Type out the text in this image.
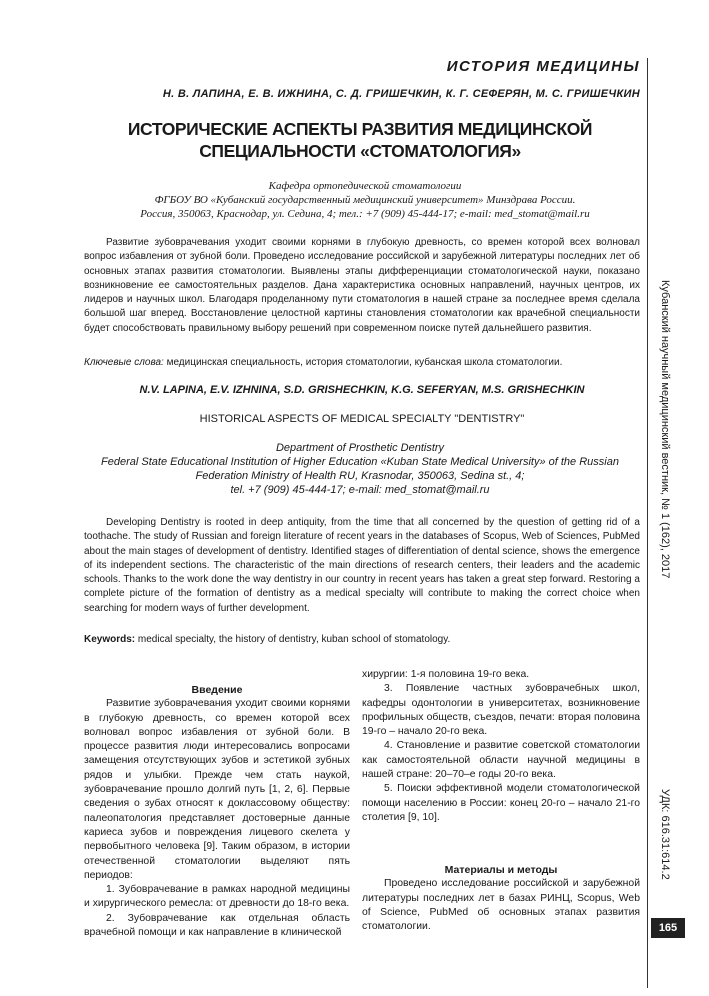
ИСТОРИЯ МЕДИЦИНЫ
Н. В. ЛАПИНА, Е. В. ИЖНИНА, С. Д. ГРИШЕЧКИН, К. Г. СЕФЕРЯН, М. С. ГРИШЕЧКИН
ИСТОРИЧЕСКИЕ АСПЕКТЫ РАЗВИТИЯ МЕДИЦИНСКОЙ
СПЕЦИАЛЬНОСТИ «СТОМАТОЛОГИЯ»
Кафедра ортопедической стоматологии
ФГБОУ ВО «Кубанский государственный медицинский университет» Минздрава России.
Россия, 350063, Краснодар, ул. Седина, 4; тел.: +7 (909) 45-444-17; e-mail: med_stomat@mail.ru

Развитие зубоврачевания уходит своими корнями в глубокую древность, со времен которой всех волновал вопрос избавления от зубной боли. Проведено исследование российской и зарубежной литературы последних лет об основных этапах развития стоматологии. Выявлены этапы дифференциации стоматологической науки, показано возникновение ее самостоятельных разделов. Дана характеристика основных направлений, научных центров, их лидеров и научных школ. Благодаря проделанному пути стоматология в нашей стране за последнее время сделала большой шаг вперед. Восстановление целостной картины становления стоматологии как врачебной специальности будет способствовать правильному выбору решений при современном поиске путей дальнейшего развития.

Ключевые слова: медицинская специальность, история стоматологии, кубанская школа стоматологии.
N.V. LAPINA, E.V. IZHNINA, S.D. GRISHECHKIN, K.G. SEFERYAN, M.S. GRISHECHKIN
HISTORICAL ASPECTS OF MEDICAL SPECIALTY "DENTISTRY"
Department of Prosthetic Dentistry
Federal State Educational Institution of Higher Education «Kuban State Medical University» of the Russian
Federation Ministry of Health RU, Krasnodar, 350063, Sedina st., 4;
tel. +7 (909) 45-444-17; e-mail: med_stomat@mail.ru

Developing Dentistry is rooted in deep antiquity, from the time that all concerned by the question of getting rid of a toothache. The study of Russian and foreign literature of recent years in the databases of Scopus, Web of Sciences, PubMed about the main stages of development of dentistry. Identified stages of differentiation of dental science, shows the emergence of its independent sections. The characteristic of the main directions of research centers, their leaders and the academic schools. Thanks to the work done the way dentistry in our country in recent years has taken a great step forward. Restoring a complete picture of the formation of dentistry as a medical specialty will contribute to making the correct choice when searching for modern ways of further development.

Keywords: medical specialty, the history of dentistry, kuban school of stomatology.

Введение

Развитие зубоврачевания уходит своими корнями в глубокую древность, со времен которой всех волновал вопрос избавления от зубной боли. В процессе развития люди интересовались вопросами замещения отсутствующих зубов и эстетикой зубных рядов и улыбки. Прежде чем стать наукой, зубоврачевание прошло долгий путь [1, 2, 6]. Первые сведения о зубах относят к доклассовому обществу: палеопатология представляет достоверные данные кариеса зубов и повреждения лицевого скелета у первобытного человека [9]. Таким образом, в истории отечественной стоматологии выделяют пять периодов:

1. Зубоврачевание в рамках народной медицины и хирургического ремесла: от древности до 18-го века.

2. Зубоврачевание как отдельная область врачебной помощи и как направление в клинической

хирургии: 1-я половина 19-го века.

3. Появление частных зубоврачебных школ, кафедры одонтологии в университетах, возникновение профильных обществ, съездов, печати: вторая половина 19-го – начало 20-го века.

4. Становление и развитие советской стоматологии как самостоятельной области научной медицины в нашей стране: 20–70–е годы 20-го века.

5. Поиски эффективной модели стоматологической помощи населению в России: конец 20-го – начало 21-го столетия [9, 10].

Материалы и методы

Проведено исследование российской и зарубежной литературы последних лет в базах РИНЦ, Scopus, Web of Science, PubMed об основных этапах развития стоматологии.

Кубанский научный медицинский вестник, № 1 (162), 2017
УДК: 616.31:614.2
165
